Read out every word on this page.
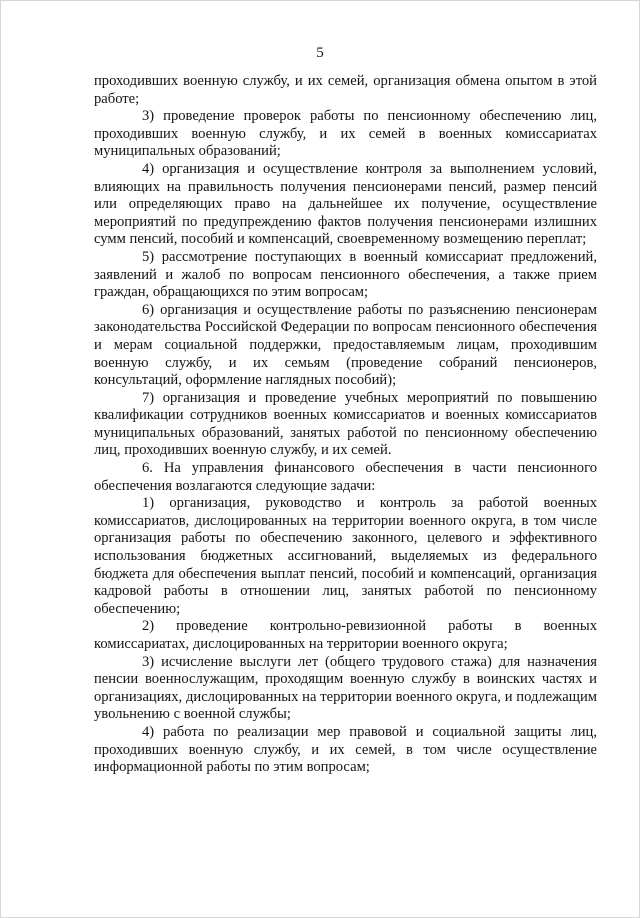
5

проходивших военную службу, и их семей, организация обмена опытом в этой работе;

3) проведение проверок работы по пенсионному обеспечению лиц, проходивших военную службу, и их семей в военных комиссариатах муниципальных образований;

4) организация и осуществление контроля за выполнением условий, влияющих на правильность получения пенсионерами пенсий, размер пенсий или определяющих право на дальнейшее их получение, осуществление мероприятий по предупреждению фактов получения пенсионерами излишних сумм пенсий, пособий и компенсаций, своевременному возмещению переплат;

5) рассмотрение поступающих в военный комиссариат предложений, заявлений и жалоб по вопросам пенсионного обеспечения, а также прием граждан, обращающихся по этим вопросам;

6) организация и осуществление работы по разъяснению пенсионерам законодательства Российской Федерации по вопросам пенсионного обеспечения и мерам социальной поддержки, предоставляемым лицам, проходившим военную службу, и их семьям (проведение собраний пенсионеров, консультаций, оформление наглядных пособий);

7) организация и проведение учебных мероприятий по повышению квалификации сотрудников военных комиссариатов и военных комиссариатов муниципальных образований, занятых работой по пенсионному обеспечению лиц, проходивших военную службу, и их семей.

6. На управления финансового обеспечения в части пенсионного обеспечения возлагаются следующие задачи:

1) организация, руководство и контроль за работой военных комиссариатов, дислоцированных на территории военного округа, в том числе организация работы по обеспечению законного, целевого и эффективного использования бюджетных ассигнований, выделяемых из федерального бюджета для обеспечения выплат пенсий, пособий и компенсаций, организация кадровой работы в отношении лиц, занятых работой по пенсионному обеспечению;

2) проведение контрольно-ревизионной работы в военных комиссариатах, дислоцированных на территории военного округа;

3) исчисление выслуги лет (общего трудового стажа) для назначения пенсии военнослужащим, проходящим военную службу в воинских частях и организациях, дислоцированных на территории военного округа, и подлежащим увольнению с военной службы;

4) работа по реализации мер правовой и социальной защиты лиц, проходивших военную службу, и их семей, в том числе осуществление информационной работы по этим вопросам;
